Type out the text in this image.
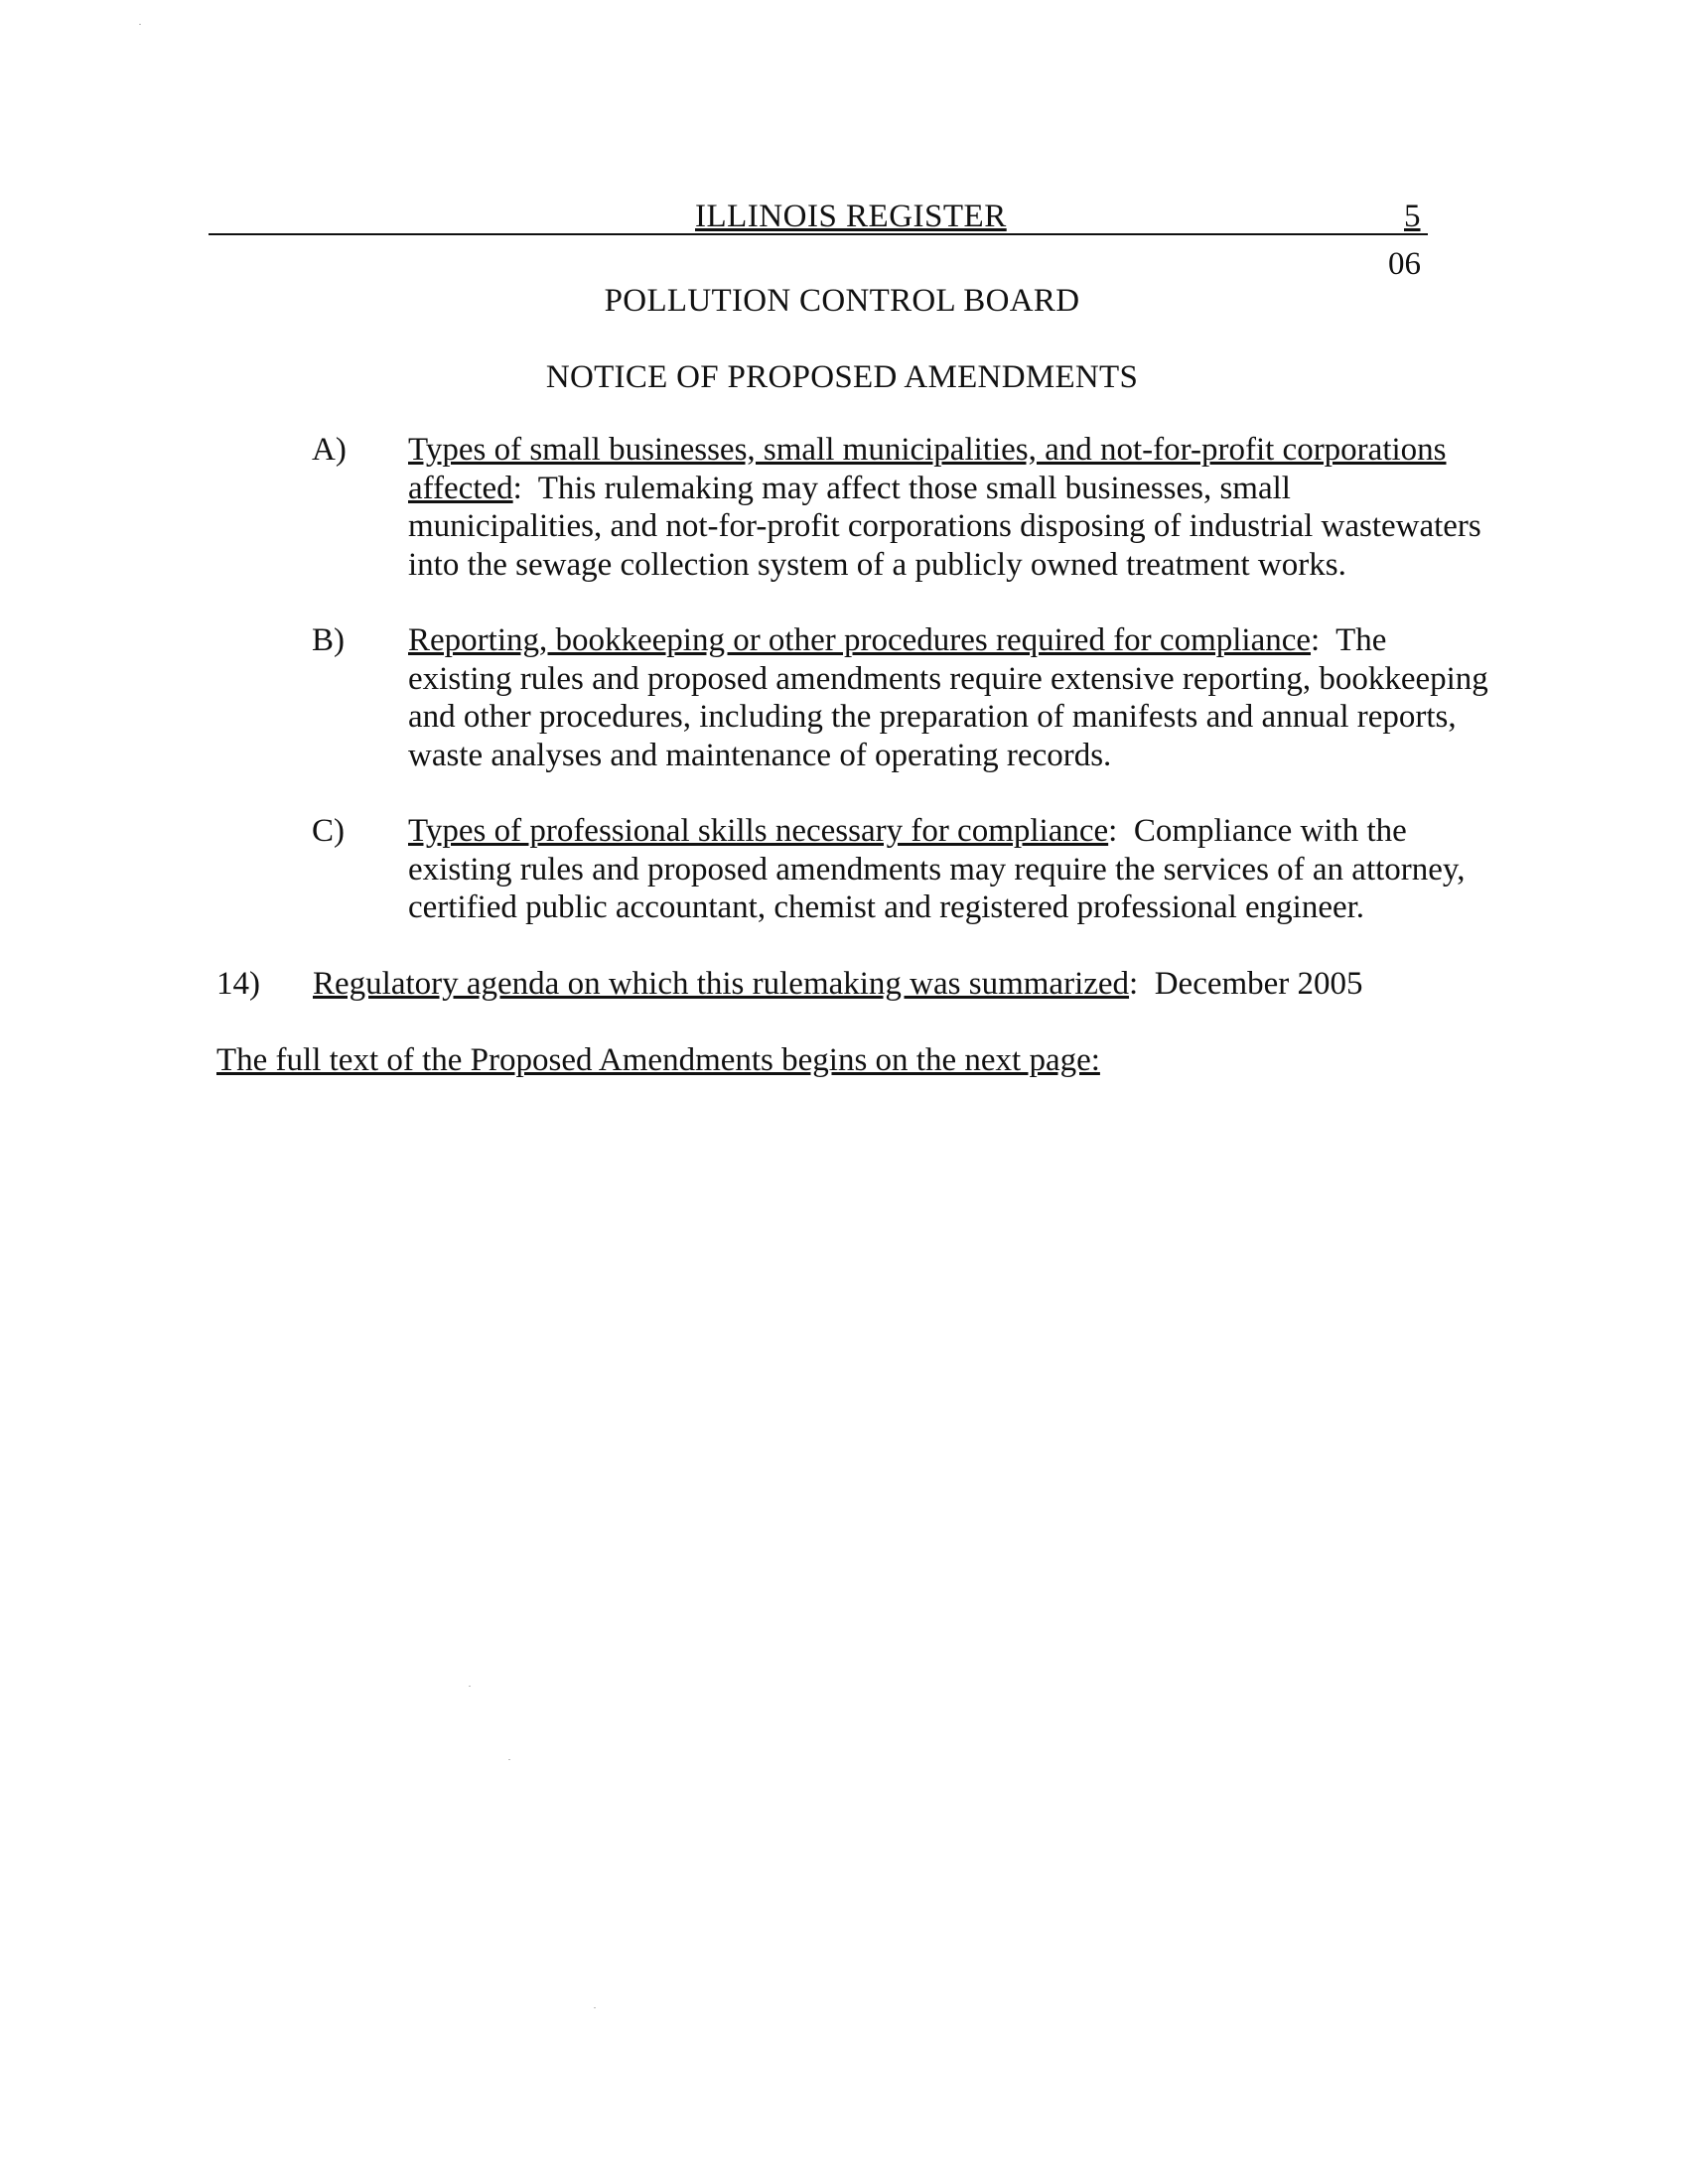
ILLINOIS REGISTER	5
06
POLLUTION CONTROL BOARD
NOTICE OF PROPOSED AMENDMENTS
A) Types of small businesses, small municipalities, and not-for-profit corporations
affected:  This rulemaking may affect those small businesses, small
municipalities, and not-for-profit corporations disposing of industrial wastewaters
into the sewage collection system of a publicly owned treatment works.
B) Reporting, bookkeeping or other procedures required for compliance:  The
existing rules and proposed amendments require extensive reporting, bookkeeping
and other procedures, including the preparation of manifests and annual reports,
waste analyses and maintenance of operating records.
C) Types of professional skills necessary for compliance:  Compliance with the
existing rules and proposed amendments may require the services of an attorney,
certified public accountant, chemist and registered professional engineer.
14) Regulatory agenda on which this rulemaking was summarized:  December 2005
The full text of the Proposed Amendments begins on the next page:
